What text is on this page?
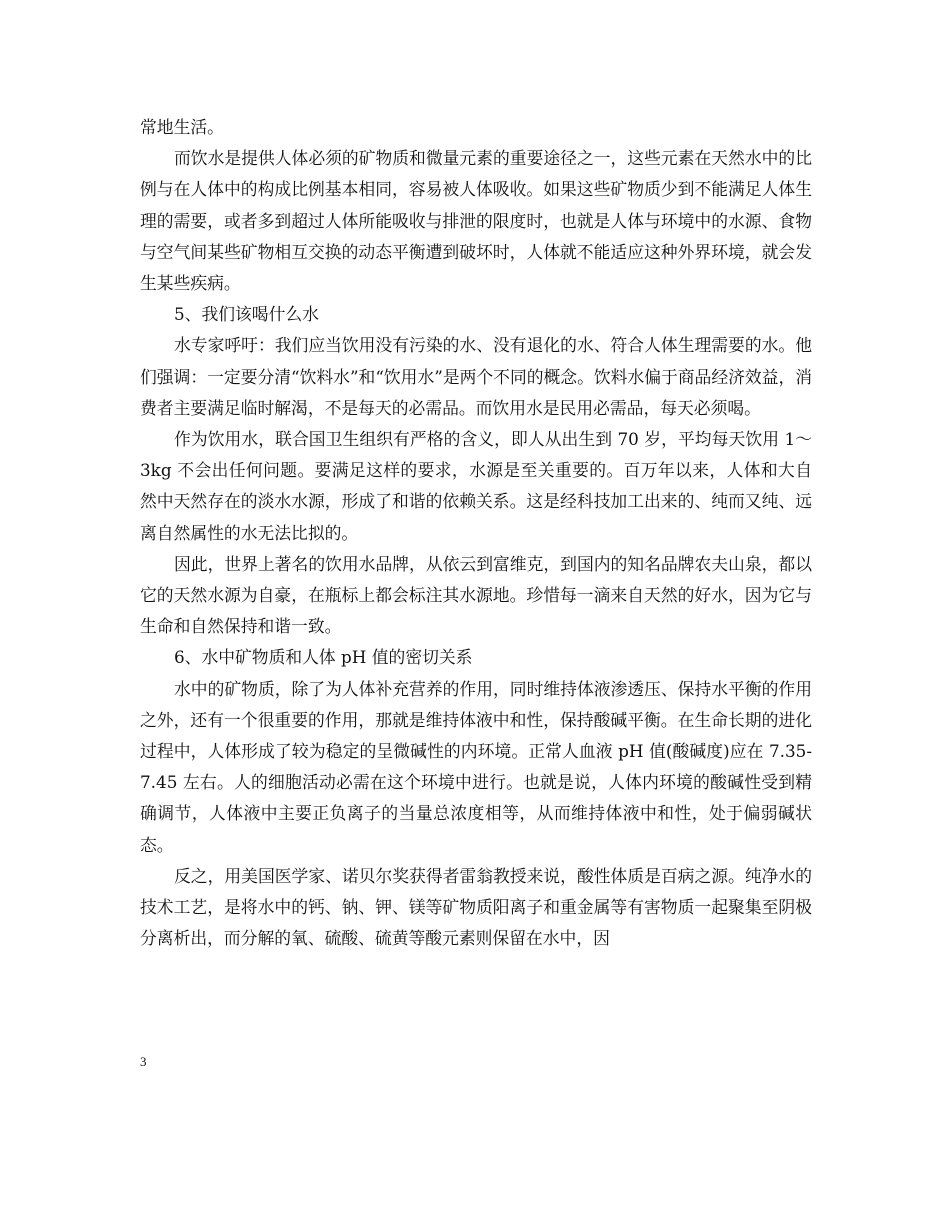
常地生活。

而饮水是提供人体必须的矿物质和微量元素的重要途径之一，这些元素在天然水中的比例与在人体中的构成比例基本相同，容易被人体吸收。如果这些矿物质少到不能满足人体生理的需要，或者多到超过人体所能吸收与排泄的限度时，也就是人体与环境中的水源、食物与空气间某些矿物相互交换的动态平衡遭到破坏时，人体就不能适应这种外界环境，就会发生某些疾病。

5、我们该喝什么水

水专家呼吁：我们应当饮用没有污染的水、没有退化的水、符合人体生理需要的水。他们强调：一定要分清“饮料水”和“饮用水”是两个不同的概念。饮料水偏于商品经济效益，消费者主要满足临时解渴，不是每天的必需品。而饮用水是民用必需品，每天必须喝。

作为饮用水，联合国卫生组织有严格的含义，即人从出生到 70 岁，平均每天饮用 1～3kg 不会出任何问题。要满足这样的要求，水源是至关重要的。百万年以来，人体和大自然中天然存在的淡水水源，形成了和谐的依赖关系。这是经科技加工出来的、纯而又纯、远离自然属性的水无法比拟的。

因此，世界上著名的饮用水品牌，从依云到富维克，到国内的知名品牌农夫山泉，都以它的天然水源为自豪，在瓶标上都会标注其水源地。珍惜每一滴来自天然的好水，因为它与生命和自然保持和谐一致。

6、水中矿物质和人体 pH 值的密切关系

水中的矿物质，除了为人体补充营养的作用，同时维持体液渗透压、保持水平衡的作用之外，还有一个很重要的作用，那就是维持体液中和性，保持酸碱平衡。在生命长期的进化过程中，人体形成了较为稳定的呈微碱性的内环境。正常人血液 pH 值(酸碱度)应在 7.35-7.45 左右。人的细胞活动必需在这个环境中进行。也就是说，人体内环境的酸碱性受到精确调节，人体液中主要正负离子的当量总浓度相等，从而维持体液中和性，处于偏弱碱状态。

反之，用美国医学家、诺贝尔奖获得者雷翁教授来说，酸性体质是百病之源。纯净水的技术工艺，是将水中的钙、钠、钾、镁等矿物质阳离子和重金属等有害物质一起聚集至阴极分离析出，而分解的氧、硫酸、硫黄等酸元素则保留在水中，因

3
